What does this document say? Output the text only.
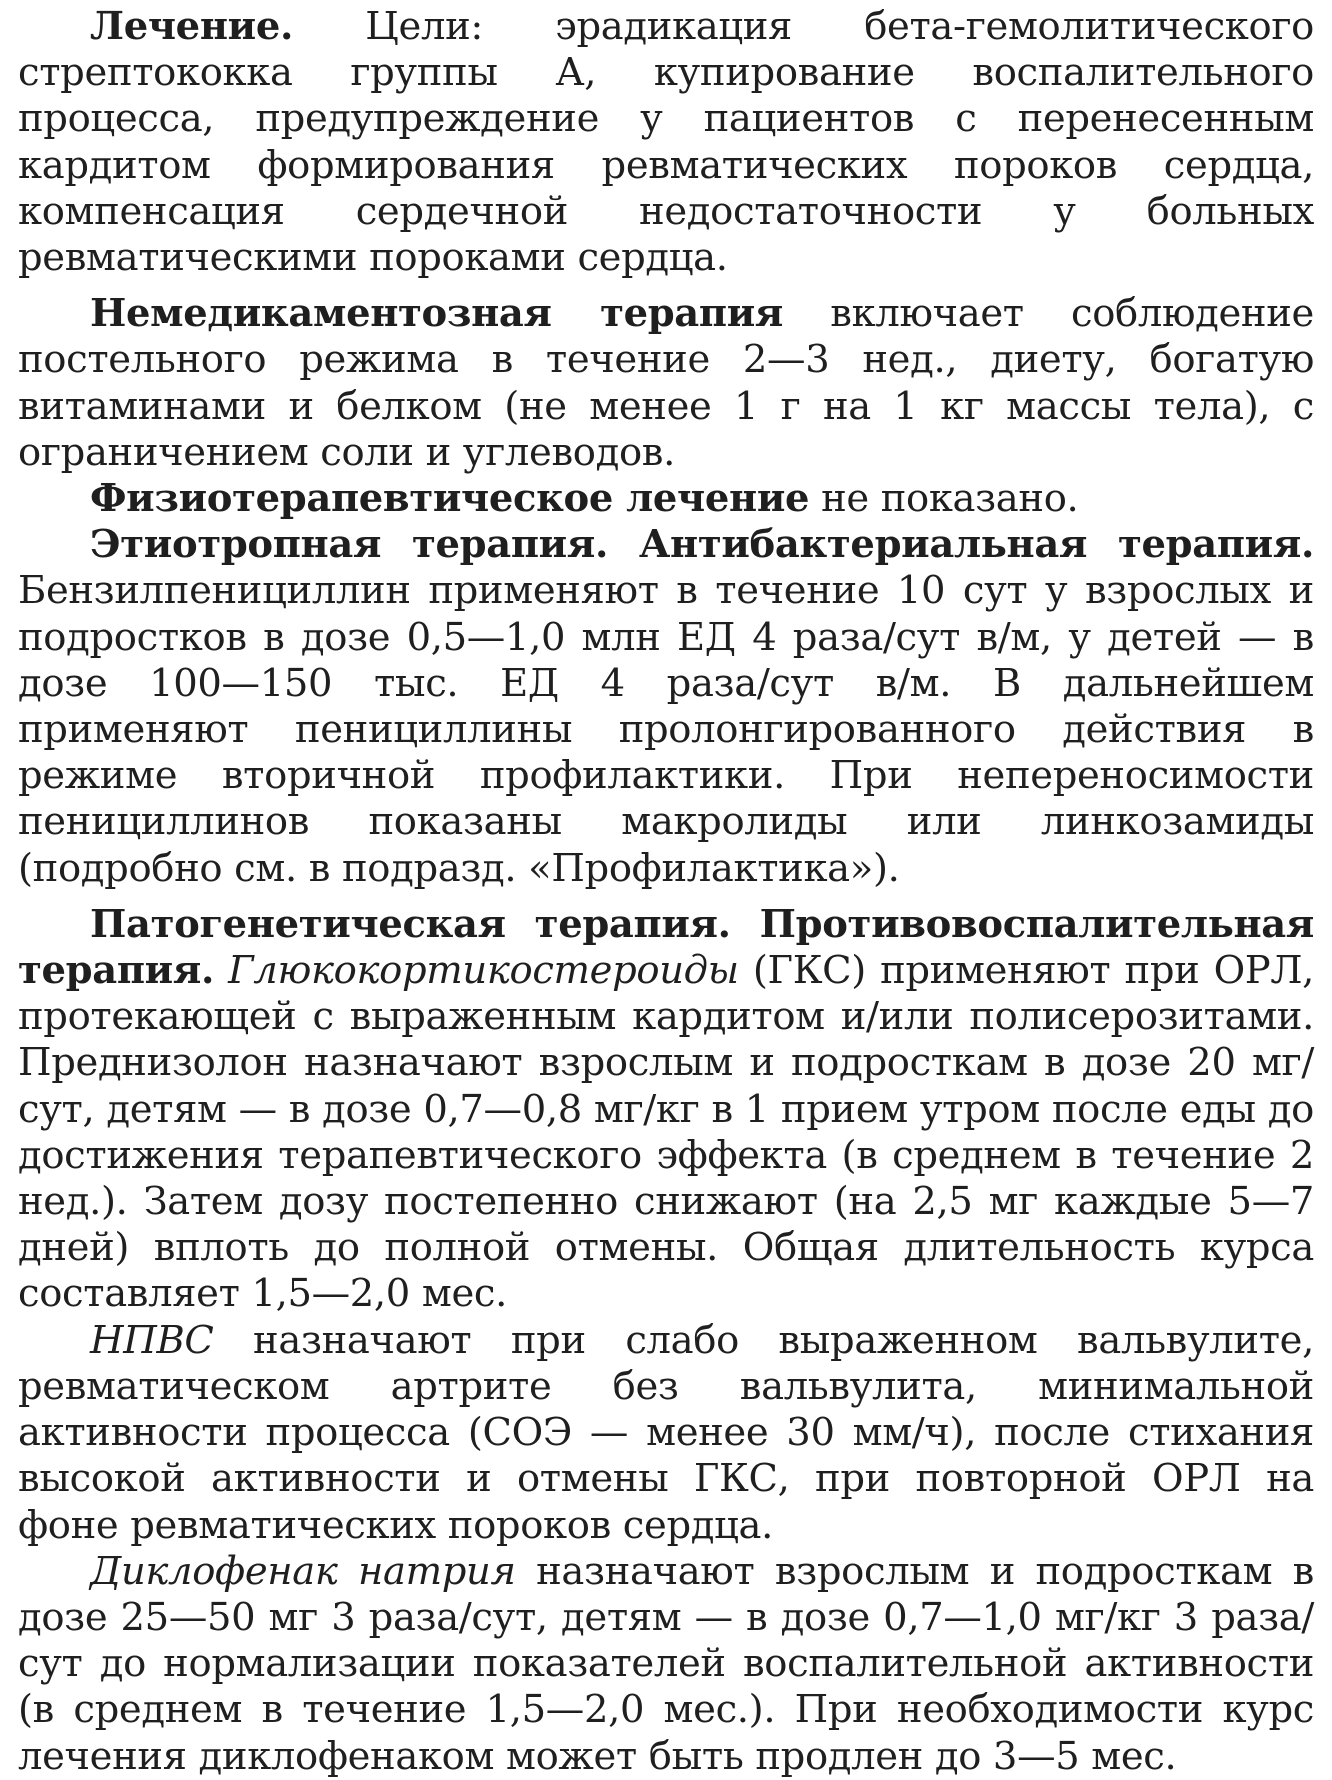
Лечение. Цели: эрадикация бета-гемолитического стрептококка группы А, купирование воспалительного процесса, предупреждение у пациентов с перенесенным кардитом формирования ревматических пороков сердца, компенсация сердечной недостаточности у больных ревматическими пороками сердца.

Немедикаментозная терапия включает соблюдение постельного режима в течение 2—3 нед., диету, богатую витаминами и белком (не менее 1 г на 1 кг массы тела), с ограничением соли и углеводов.

Физиотерапевтическое лечение не показано.

Этиотропная терапия. Антибактериальная терапия. Бензилпенициллин применяют в течение 10 сут у взрослых и подростков в дозе 0,5—1,0 млн ЕД 4 раза/сут в/м, у детей — в дозе 100—150 тыс. ЕД 4 раза/сут в/м. В дальнейшем применяют пенициллины пролонгированного действия в режиме вторичной профилактики. При непереносимости пенициллинов показаны макролиды или линкозамиды (подробно см. в подразд. «Профилактика»).

Патогенетическая терапия. Противовоспалительная терапия. Глюкокортикостероиды (ГКС) применяют при ОРЛ, протекающей с выраженным кардитом и/или полисерозитами. Преднизолон назначают взрослым и подросткам в дозе 20 мг/сут, детям — в дозе 0,7—0,8 мг/кг в 1 прием утром после еды до достижения терапевтического эффекта (в среднем в течение 2 нед.). Затем дозу постепенно снижают (на 2,5 мг каждые 5—7 дней) вплоть до полной отмены. Общая длительность курса составляет 1,5—2,0 мес.

НПВС назначают при слабо выраженном вальвулите, ревматическом артрите без вальвулита, минимальной активности процесса (СОЭ — менее 30 мм/ч), после стихания высокой активности и отмены ГКС, при повторной ОРЛ на фоне ревматических пороков сердца.

Диклофенак натрия назначают взрослым и подросткам в дозе 25—50 мг 3 раза/сут, детям — в дозе 0,7—1,0 мг/кг 3 раза/сут до нормализации показателей воспалительной активности (в среднем в течение 1,5—2,0 мес.). При необходимости курс лечения диклофенаком может быть продлен до 3—5 мес.
